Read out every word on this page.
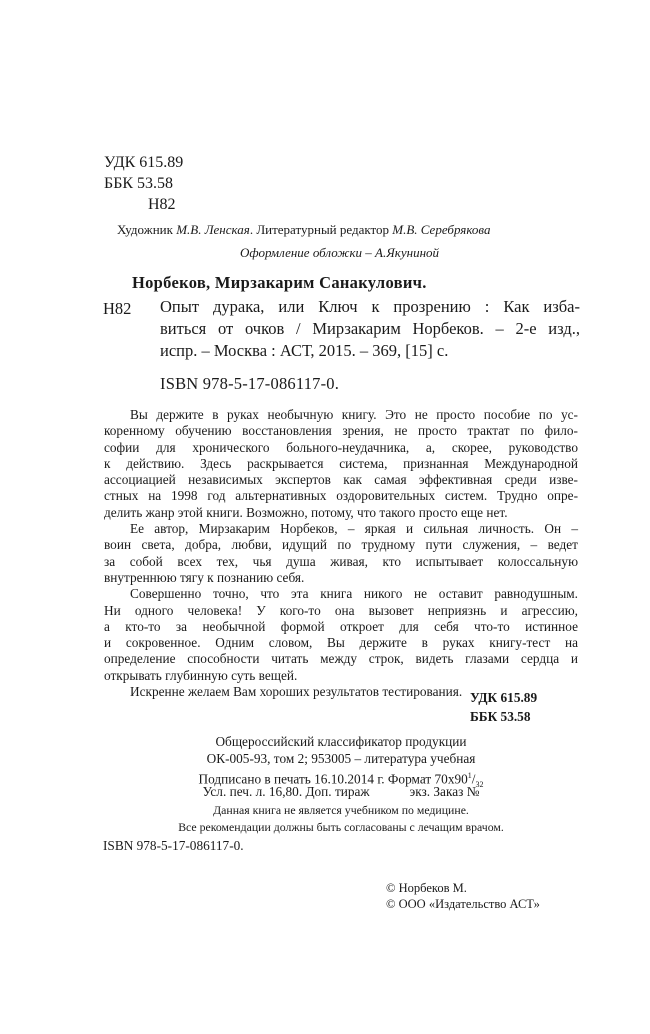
УДК 615.89
ББК 53.58
Н82
Художник М.В. Ленская. Литературный редактор М.В. Серебрякова
Оформление обложки – А.Якунинoй
Норбеков, Мирзакарим Санакулович.
Н82 Опыт дурака, или Ключ к прозрению : Как изба-
виться от очков / Мирзакарим Норбеков. – 2-е изд.,
испр. – Москва : АСТ, 2015. – 369, [15] с.
ISBN 978-5-17-086117-0.
Вы держите в руках необычную книгу. Это не просто пособие по ус-
коренному обучению восстановления зрения, не просто трактат по фило-
софии для хронического больного-неудачника, а, скорее, руководство
к действию. Здесь раскрывается система, признанная Международной
ассоциацией независимых экспертов как самая эффективная среди изве-
стных на 1998 год альтернативных оздоровительных систем. Трудно опре-
делить жанр этой книги. Возможно, потому, что такого просто еще нет.
Ее автор, Мирзакарим Норбеков, – яркая и сильная личность. Он –
воин света, добра, любви, идущий по трудному пути служения, – ведет
за собой всех тех, чья душа живая, кто испытывает колоссальную
внутреннюю тягу к познанию себя.
Совершенно точно, что эта книга никого не оставит равнодушным.
Ни одного человека! У кого-то она вызовет неприязнь и агрессию,
а кто-то за необычной формой откроет для себя что-то истинное
и сокровенное. Одним словом, Вы держите в руках книгу-тест на
определение способности читать между строк, видеть глазами сердца и
открывать глубинную суть вещей.
Искренне желаем Вам хороших результатов тестирования. УДК 615.89
ББК 53.58
Общероссийский классификатор продукции
ОК-005-93, том 2; 953005 – литература учебная
Подписано в печать 16.10.2014 г. Формат $70х90^1/_{32}$
Усл. печ. л. 16,80. Доп. тираж            экз. Заказ №
Данная книга не является учебником по медицине.
Все рекомендации должны быть согласованы с лечащим врачом.
ISBN 978-5-17-086117-0.
© Норбеков М.
© ООО «Издательство АСТ»
